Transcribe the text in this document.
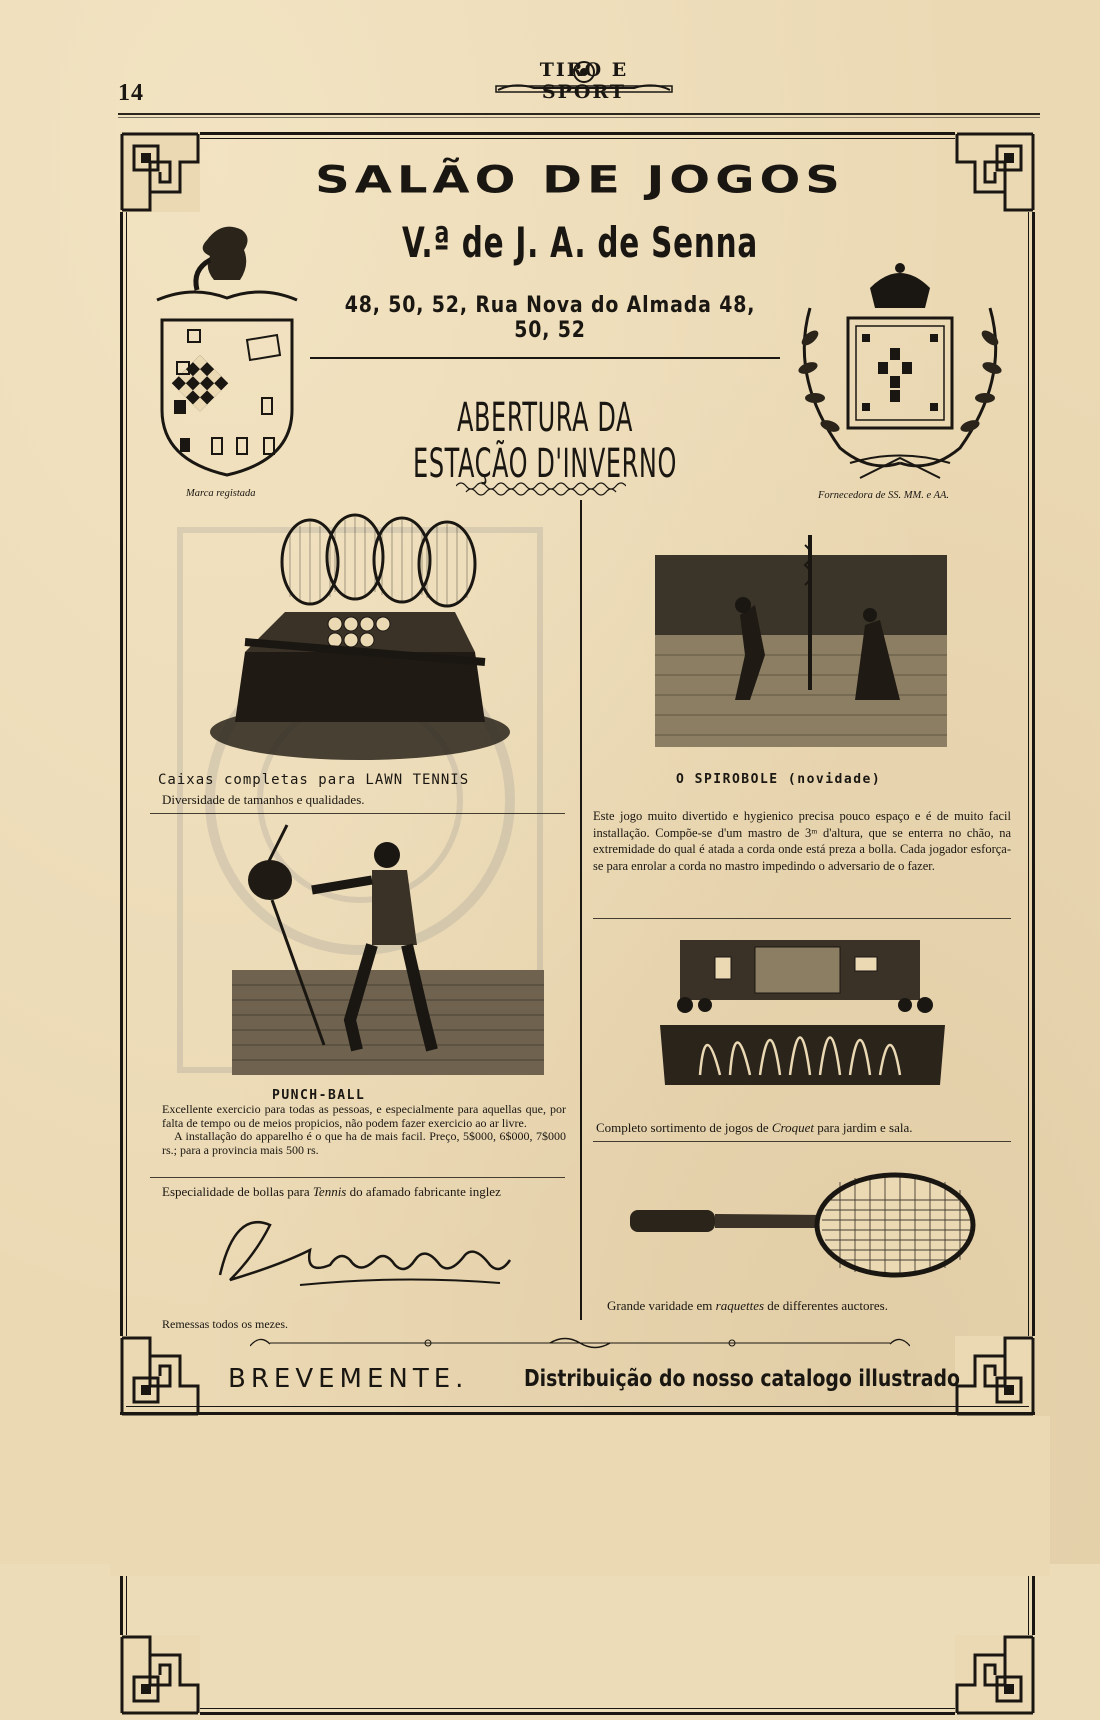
14
TIRO E SPORT
SALÃO DE JOGOS
V.ª de J. A. de Senna
48, 50, 52, Rua Nova do Almada 48, 50, 52
ABERTURA DA ESTAÇÃO D'INVERNO
Marca registada	Fornecedora de SS. MM. e AA.
Caixas completas para LAWN TENNIS
Diversidade de tamanhos e qualidades.
O SPIROBOLE (novidade)

Este jogo muito divertido e hygienico precisa pouco espaço e é de muito facil installação. Compõe-se d'um mastro de 3ᵐ d'altura, que se enterra no chão, na extremidade do qual é atada a corda onde está preza a bolla. Cada jogador esforça-se para enrolar a corda no mastro impedindo o adversario de o fazer.

PUNCH-BALL

Excellente exercicio para todas as pessoas, e especialmente para aquellas que, por falta de tempo ou de meios propicios, não podem fazer exercicio ao ar livre.

A installação do apparelho é o que ha de mais facil. Preço, 5$000, 6$000, 7$000 rs.; para a provincia mais 500 rs.

Completo sortimento de jogos de Croquet para jardim e sala.
Especialidade de bollas para Tennis do afamado fabricante inglez
Remessas todos os mezes.
Grande varidade em raquettes de differentes auctores.
BREVEMENTE. Distribuição do nosso catalogo illustrado
